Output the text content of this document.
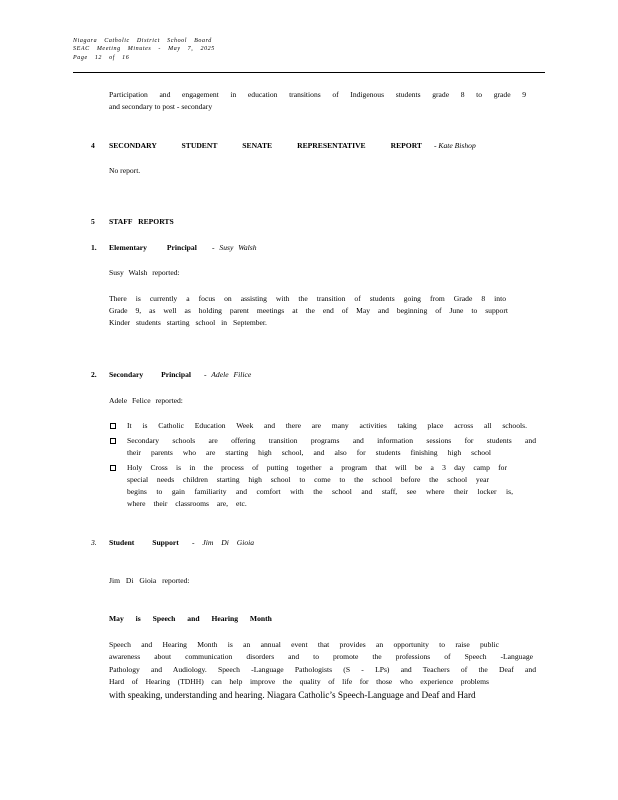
Niagara Catholic District School Board
SEAC Meeting Minutes - May 7, 2025
Page 12 of 16
Participation and engagement in education transitions of Indigenous students grade 8 to grade 9
and secondary to post - secondary
4 SECONDARY STUDENT SENATE REPRESENTATIVE REPORT - Kate Bishop
No report.
5 STAFF REPORTS
1. Elementary Principal - Susy Walsh
Susy Walsh reported:
There is currently a focus on assisting with the transition of students going from Grade 8 into
Grade 9, as well as holding parent meetings at the end of May and beginning of June to support
Kinder students starting school in September.
2. Secondary Principal - Adele Filice
Adele Felice reported:
It is Catholic Education Week and there are many activities taking place across all schools.
Secondary schools are offering transition programs and information sessions for students and
their parents who are starting high school, and also for students finishing high school
Holy Cross is in the process of putting together a program that will be a 3 day camp for
special needs children starting high school to come to the school before the school year
begins to gain familiarity and comfort with the school and staff, see where their locker is,
where their classrooms are, etc.
3. Student Support - Jim Di Gioia
Jim Di Gioia reported:
May is Speech and Hearing Month
Speech and Hearing Month is an annual event that provides an opportunity to raise public
awareness about communication disorders and to promote the professions of Speech -Language
Pathology and Audiology. Speech -Language Pathologists (S - LPs) and Teachers of the Deaf and
Hard of Hearing (TDHH) can help improve the quality of life for those who experience problems
with speaking, understanding and hearing. Niagara Catholic’s Speech-Language and Deaf and Hard
